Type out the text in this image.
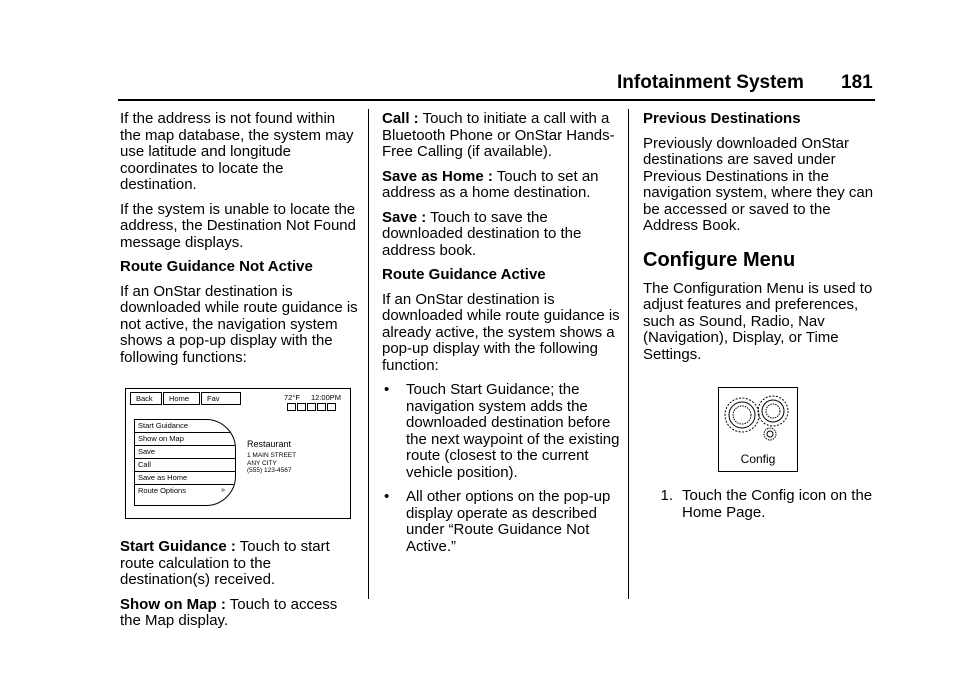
Infotainment System 181

If the address is not found within the map database, the system may use latitude and longitude coordinates to locate the destination.

If the system is unable to locate the address, the Destination Not Found message displays.

Route Guidance Not Active

If an OnStar destination is downloaded while route guidance is not active, the navigation system shows a pop-up display with the following functions:

Back	Home	Fav	72°F 12:00PM
Start Guidance
Show on Map
Save
Call
Save as Home
Route Options	»
Restaurant
1 MAIN STREET
ANY CITY
(555) 123-4567

Start Guidance : Touch to start route calculation to the destination(s) received.

Show on Map : Touch to access the Map display.

Call : Touch to initiate a call with a Bluetooth Phone or OnStar Hands-Free Calling (if available).

Save as Home : Touch to set an address as a home destination.

Save : Touch to save the downloaded destination to the address book.

Route Guidance Active

If an OnStar destination is downloaded while route guidance is already active, the system shows a pop-up display with the following function:

•	Touch Start Guidance; the navigation system adds the downloaded destination before the next waypoint of the existing route (closest to the current vehicle position).
•	All other options on the pop-up display operate as described under “Route Guidance Not Active.”

Previous Destinations

Previously downloaded OnStar destinations are saved under Previous Destinations in the navigation system, where they can be accessed or saved to the Address Book.

Configure Menu

The Configuration Menu is used to adjust features and preferences, such as Sound, Radio, Nav (Navigation), Display, or Time Settings.

Config
1. Touch the Config icon on the Home Page.
